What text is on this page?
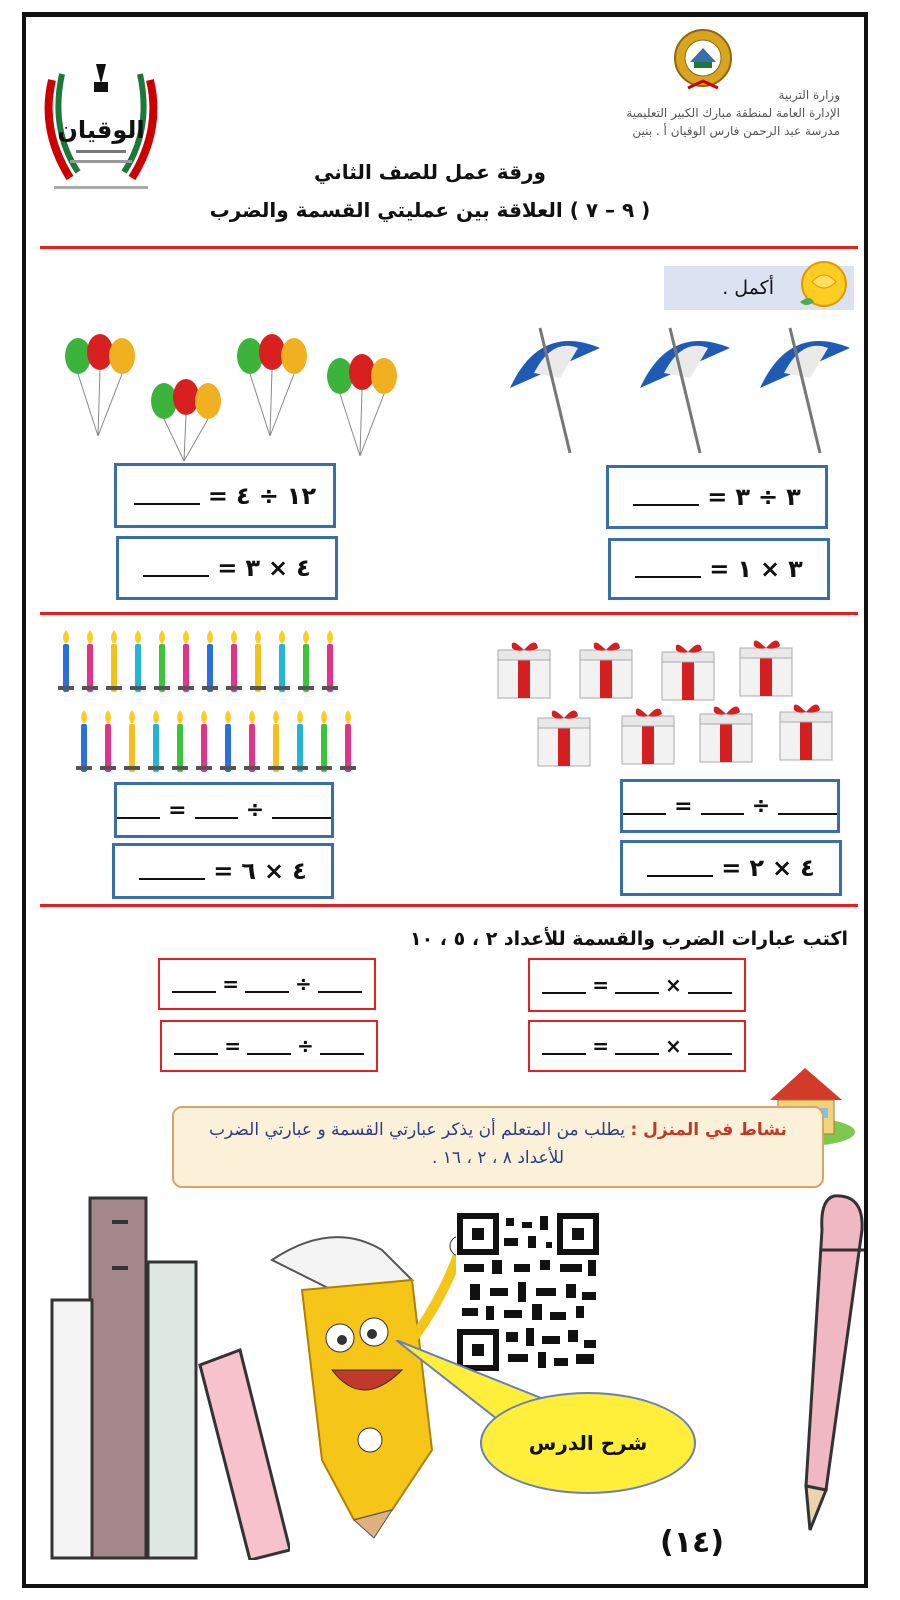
وزارة التربية
الإدارة العامة لمنطقة مبارك الكبير التعليمية
مدرسة عبد الرحمن فارس الوقيان أ . بنين
الوقيان
ورقة عمل للصف الثاني
( ٩ – ٧ ) العلاقة بين عمليتي القسمة والضرب
أكمل .
٣
÷
٣
=
٣
×
١
=
١٢
÷
٤
=
٤
×
٣
=
÷
=
٤
×
٢
=
÷
=
٤
×
٦
=
اكتب عبارات الضرب والقسمة للأعداد ٢ ، ٥ ، ١٠
×
=
×
=
÷
=
÷
=
نشاط في المنزل : يطلب من المتعلم أن يذكر عبارتي القسمة و عبارتي الضرب للأعداد ٨ ، ٢ ، ١٦ .
شرح الدرس
(١٤)
